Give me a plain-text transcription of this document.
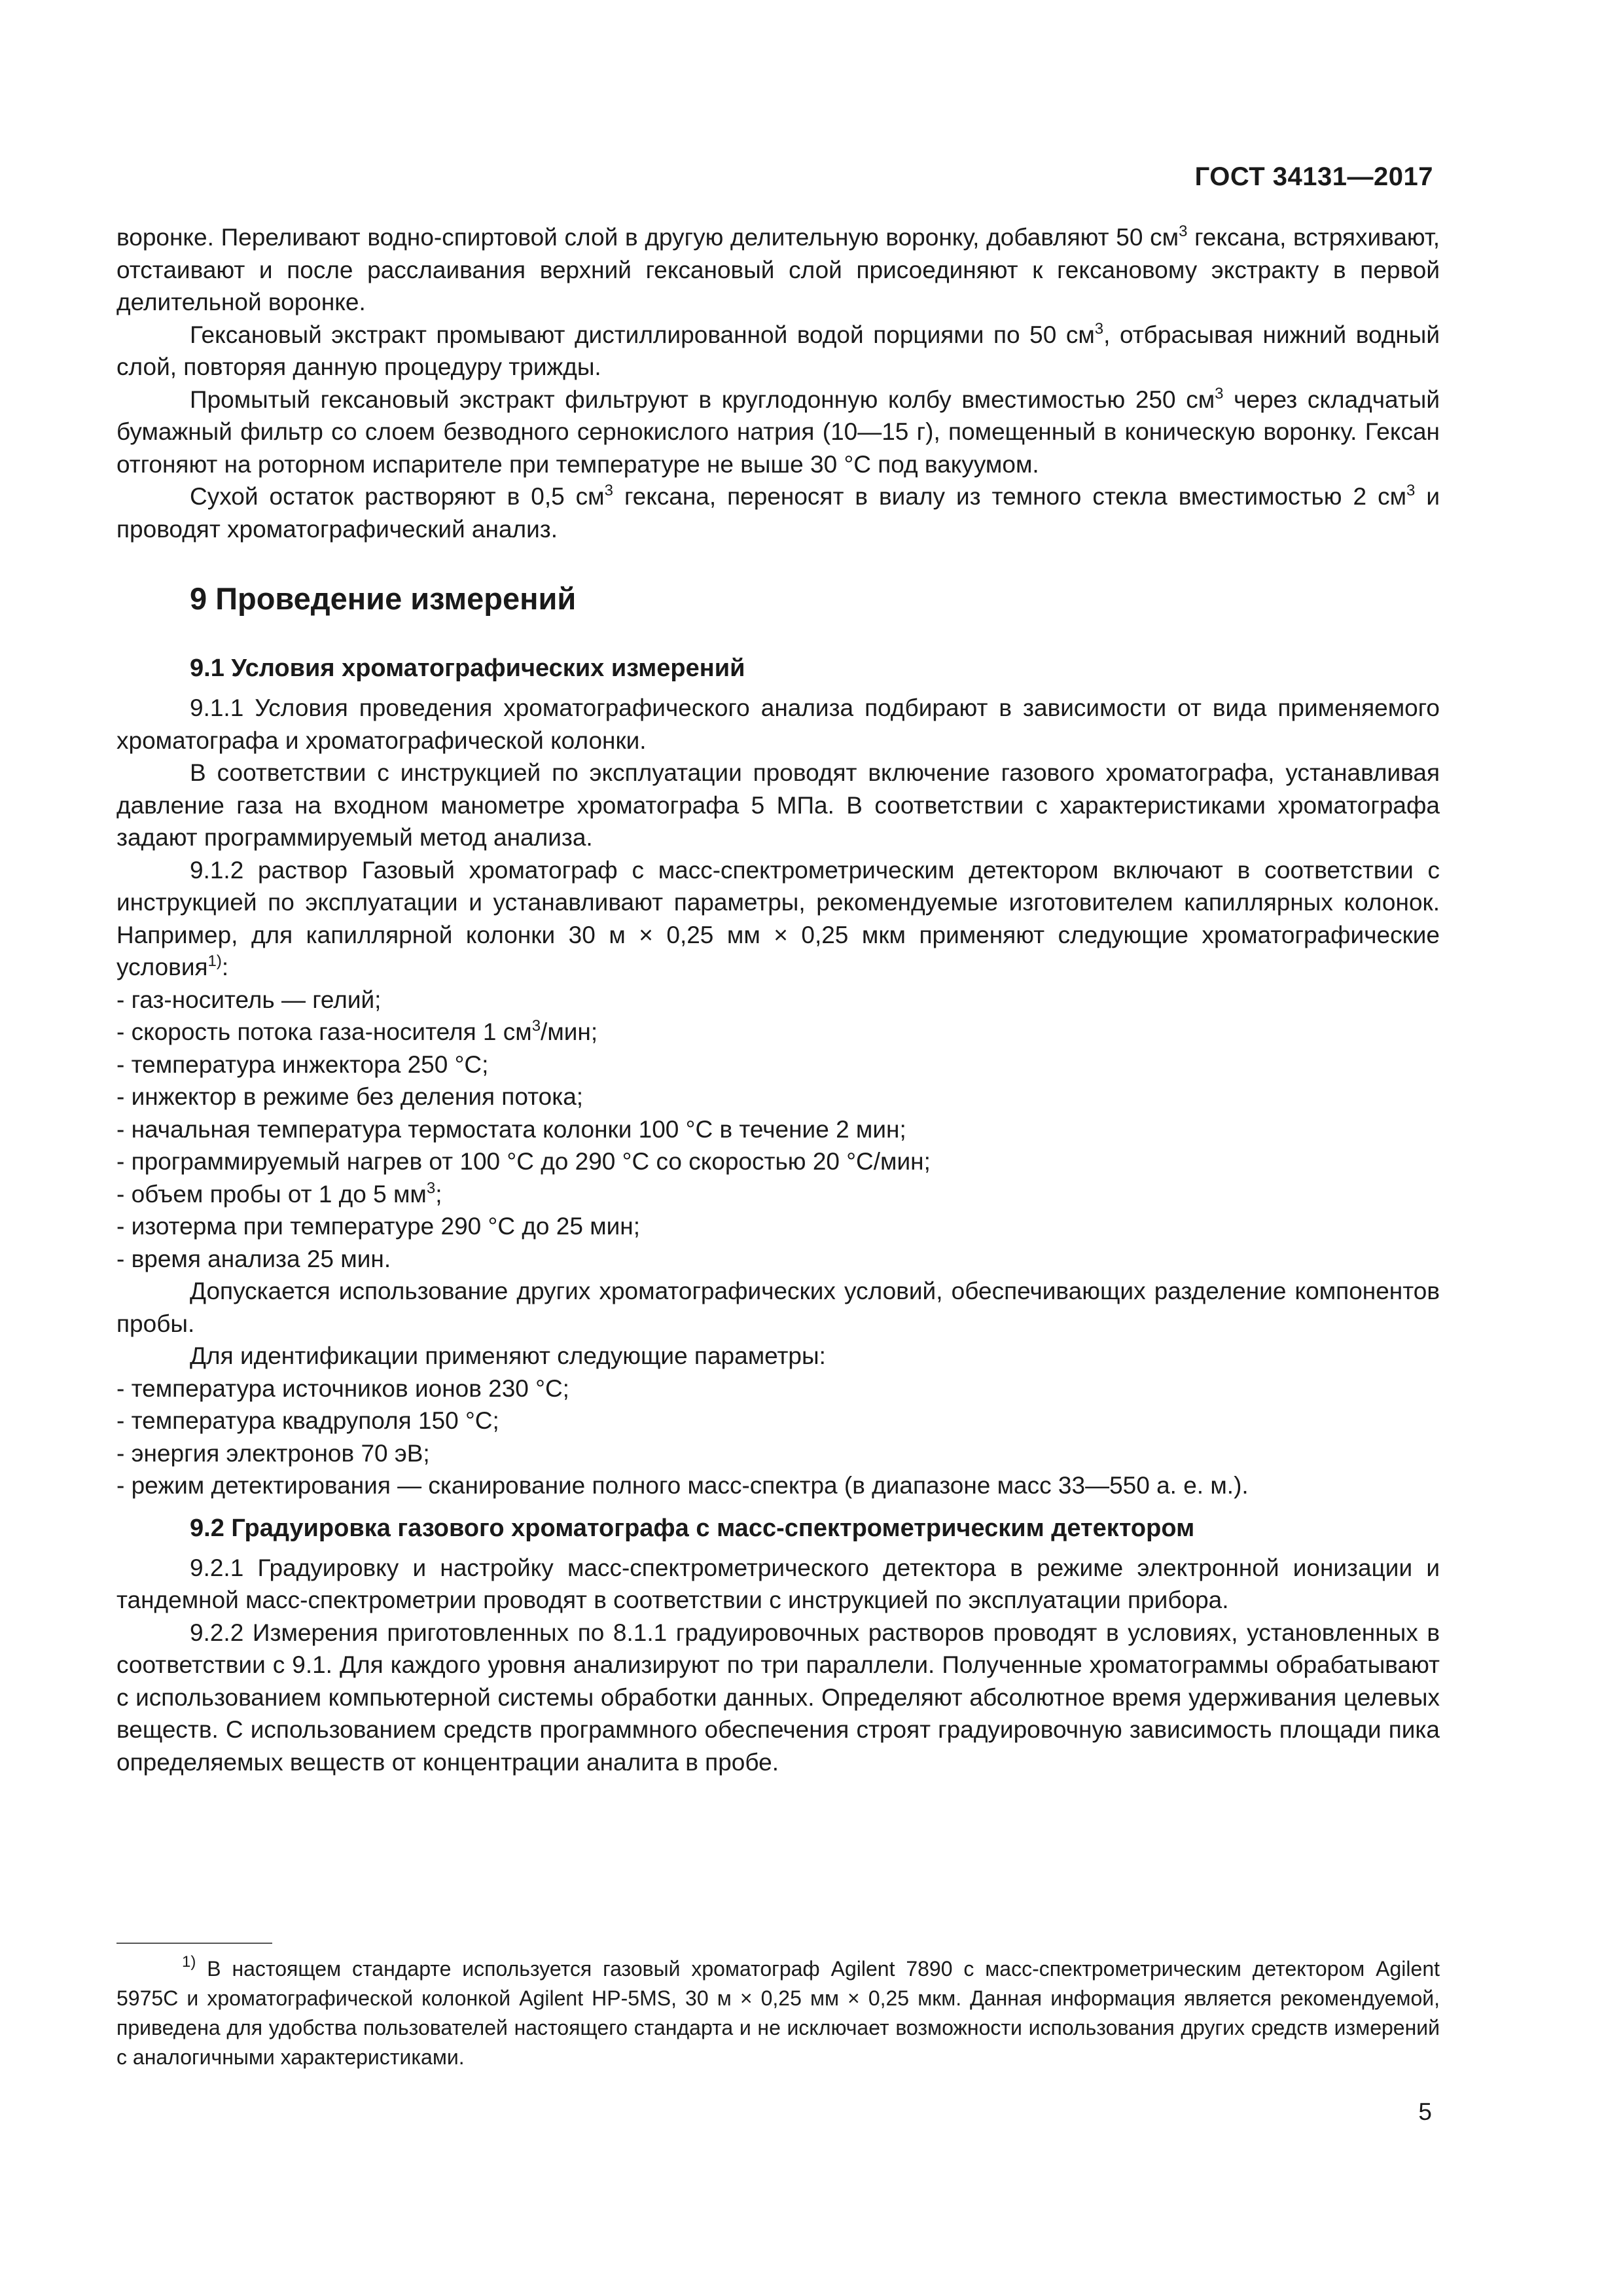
ГОСТ 34131—2017

воронке. Переливают водно-спиртовой слой в другую делительную воронку, добавляют 50 $см^3$ гексана, встряхивают, отстаивают и после расслаивания верхний гексановый слой присоединяют к гексановому экстракту в первой делительной воронке.

Гексановый экстракт промывают дистиллированной водой порциями по 50 $см^3$, отбрасывая нижний водный слой, повторяя данную процедуру трижды.

Промытый гексановый экстракт фильтруют в круглодонную колбу вместимостью 250 $см^3$ через складчатый бумажный фильтр со слоем безводного сернокислого натрия (10—15 г), помещенный в коническую воронку. Гексан отгоняют на роторном испарителе при температуре не выше 30 °С под вакуумом.

Сухой остаток растворяют в 0,5 $см^3$ гексана, переносят в виалу из темного стекла вместимостью 2 $см^3$ и проводят хроматографический анализ.

9 Проведение измерений
9.1 Условия хроматографических измерений

9.1.1 Условия проведения хроматографического анализа подбирают в зависимости от вида применяемого хроматографа и хроматографической колонки.

В соответствии с инструкцией по эксплуатации проводят включение газового хроматографа, устанавливая давление газа на входном манометре хроматографа 5 МПа. В соответствии с характеристиками хроматографа задают программируемый метод анализа.

9.1.2 раствор Газовый хроматограф с масс-спектрометрическим детектором включают в соответствии с инструкцией по эксплуатации и устанавливают параметры, рекомендуемые изготовителем капиллярных колонок. Например, для капиллярной колонки 30 м × 0,25 мм × 0,25 мкм применяют следующие хроматографические условия$^{1)}$:

- газ-носитель — гелий;
- скорость потока газа-носителя 1 $см^3$/мин;
- температура инжектора 250 °С;
- инжектор в режиме без деления потока;
- начальная температура термостата колонки 100 °С в течение 2 мин;
- программируемый нагрев от 100 °С до 290 °С со скоростью 20 °С/мин;
- объем пробы от 1 до 5 $мм^3$;
- изотерма при температуре 290 °С до 25 мин;
- время анализа 25 мин.

Допускается использование других хроматографических условий, обеспечивающих разделение компонентов пробы.

Для идентификации применяют следующие параметры:

- температура источников ионов 230 °С;
- температура квадруполя 150 °С;
- энергия электронов 70 эВ;
- режим детектирования — сканирование полного масс-спектра (в диапазоне масс 33—550 а. е. м.).
9.2 Градуировка газового хроматографа с масс-спектрометрическим детектором

9.2.1 Градуировку и настройку масс-спектрометрического детектора в режиме электронной ионизации и тандемной масс-спектрометрии проводят в соответствии с инструкцией по эксплуатации прибора.

9.2.2 Измерения приготовленных по 8.1.1 градуировочных растворов проводят в условиях, установленных в соответствии с 9.1. Для каждого уровня анализируют по три параллели. Полученные хроматограммы обрабатывают с использованием компьютерной системы обработки данных. Определяют абсолютное время удерживания целевых веществ. С использованием средств программного обеспечения строят градуировочную зависимость площади пика определяемых веществ от концентрации аналита в пробе.

$^{1)}$ В настоящем стандарте используется газовый хроматограф Agilent 7890 с масс-спектрометрическим детектором Agilent 5975C и хроматографической колонкой Agilent HP-5MS, 30 м × 0,25 мм × 0,25 мкм. Данная информация является рекомендуемой, приведена для удобства пользователей настоящего стандарта и не исключает возможности использования других средств измерений с аналогичными характеристиками.

5
